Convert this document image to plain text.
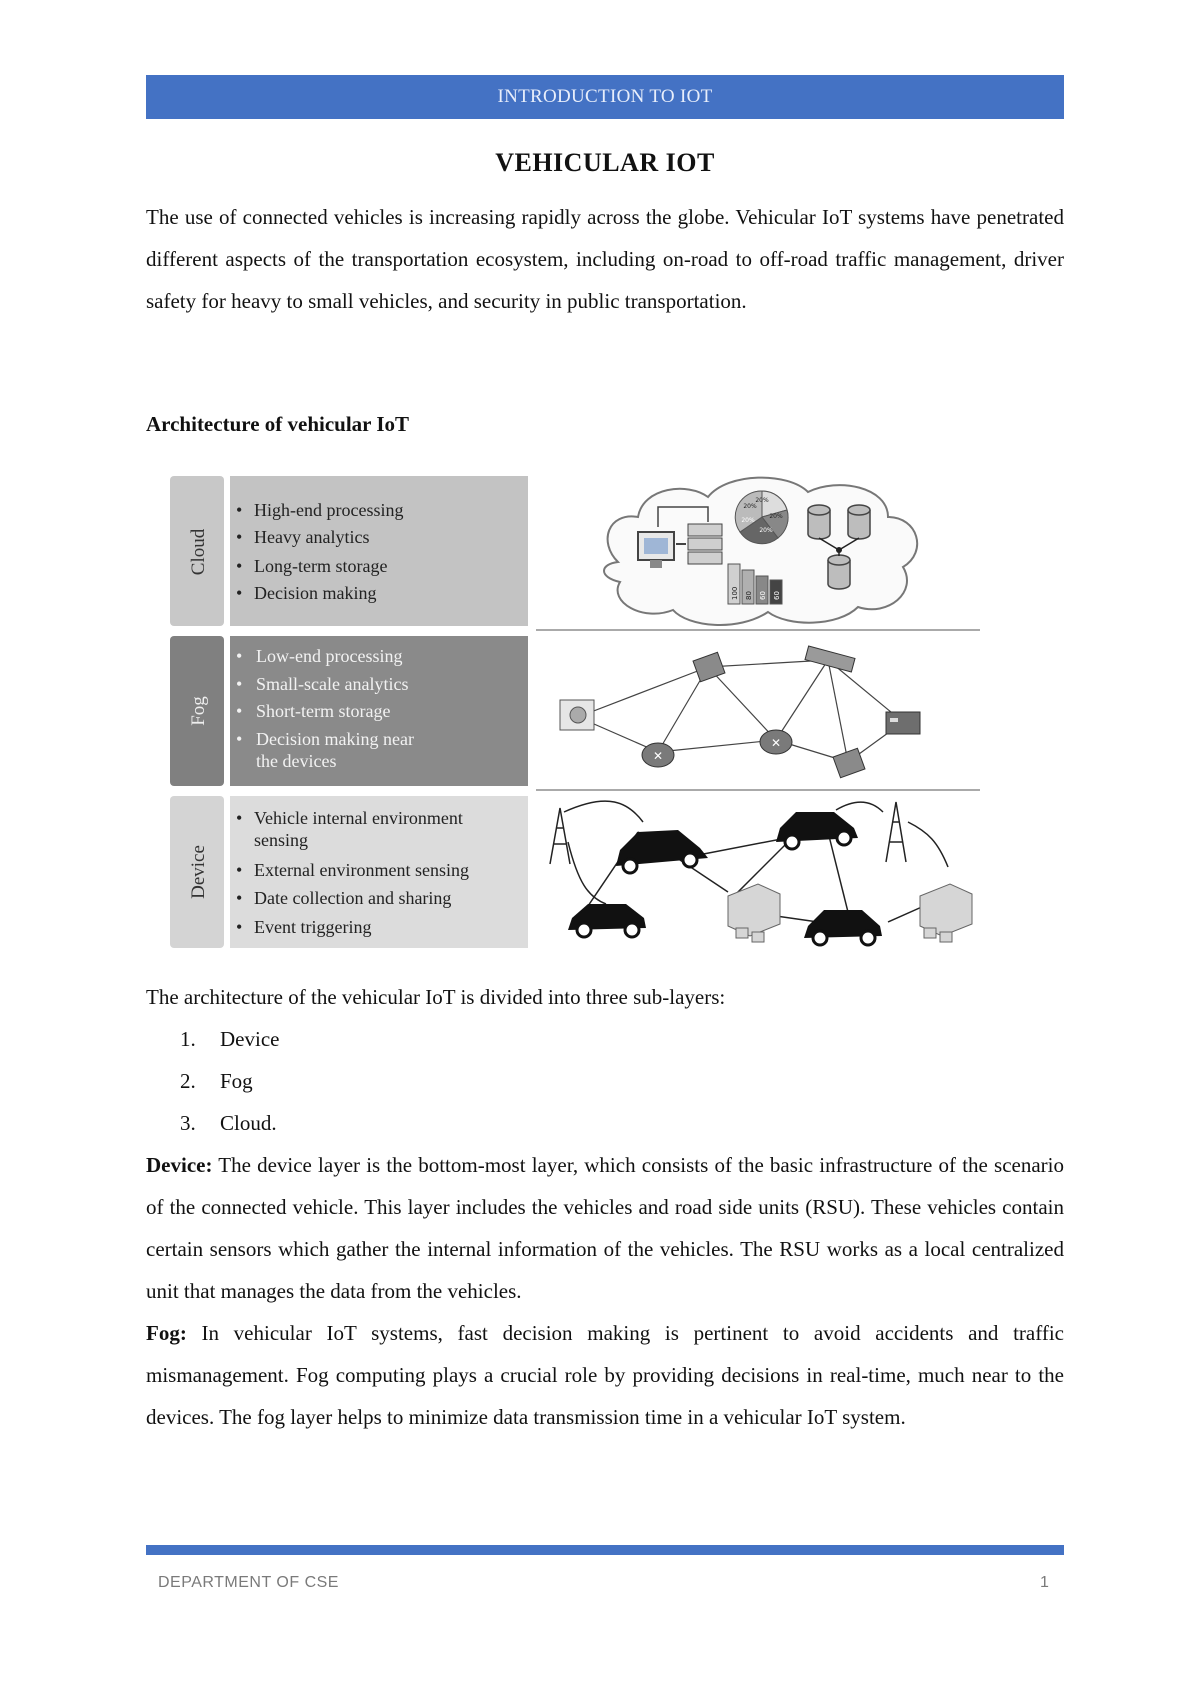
INTRODUCTION TO IOT
VEHICULAR IOT
The use of connected vehicles is increasing rapidly across the globe. Vehicular IoT systems have penetrated different aspects of the transportation ecosystem, including on-road to off-road traffic management, driver safety for heavy to small vehicles, and security in public transportation.
Architecture of vehicular IoT
Cloud
• High-end processing
• Heavy analytics
• Long-term storage
• Decision making
Fog
• Low-end processing
• Small-scale analytics
• Short-term storage
• Decision making near
the devices
Device
• Vehicle internal environment
sensing
• External environment sensing
• Date collection and sharing
• Event triggering
20%
20%
20%
20%
20%
100 80 60 60
✕
✕
The architecture of the vehicular IoT is divided into three sub-layers:
1. Device
2. Fog
3. Cloud.
Device: The device layer is the bottom-most layer, which consists of the basic infrastructure of the scenario of the connected vehicle. This layer includes the vehicles and road side units (RSU). These vehicles contain certain sensors which gather the internal information of the vehicles. The RSU works as a local centralized unit that manages the data from the vehicles.
Fog: In vehicular IoT systems, fast decision making is pertinent to avoid accidents and traffic mismanagement. Fog computing plays a crucial role by providing decisions in real-time, much near to the devices. The fog layer helps to minimize data transmission time in a vehicular IoT system.
DEPARTMENT OF CSE	1
